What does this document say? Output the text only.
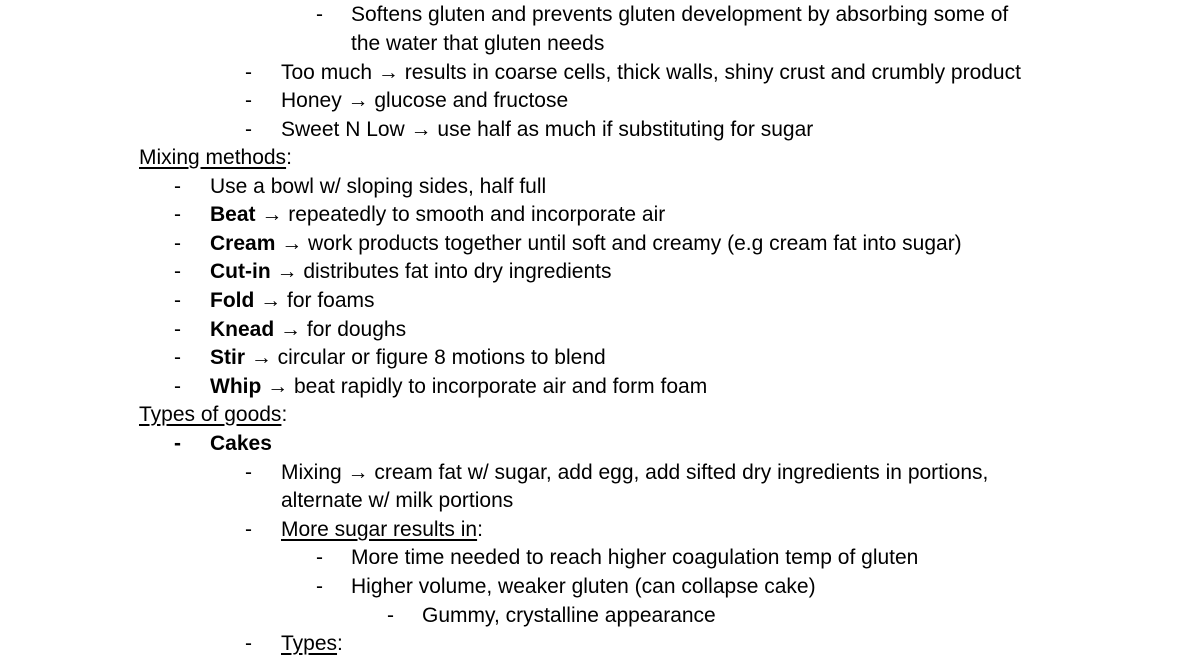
- Softens gluten and prevents gluten development by absorbing some of
the water that gluten needs
- Too much → results in coarse cells, thick walls, shiny crust and crumbly product
- Honey → glucose and fructose
- Sweet N Low → use half as much if substituting for sugar
Mixing methods:
- Use a bowl w/ sloping sides, half full
- Beat → repeatedly to smooth and incorporate air
- Cream → work products together until soft and creamy (e.g cream fat into sugar)
- Cut-in → distributes fat into dry ingredients
- Fold → for foams
- Knead → for doughs
- Stir → circular or figure 8 motions to blend
- Whip → beat rapidly to incorporate air and form foam
Types of goods:
- Cakes
- Mixing → cream fat w/ sugar, add egg, add sifted dry ingredients in portions,
alternate w/ milk portions
- More sugar results in:
- More time needed to reach higher coagulation temp of gluten
- Higher volume, weaker gluten (can collapse cake)
- Gummy, crystalline appearance
- Types:
